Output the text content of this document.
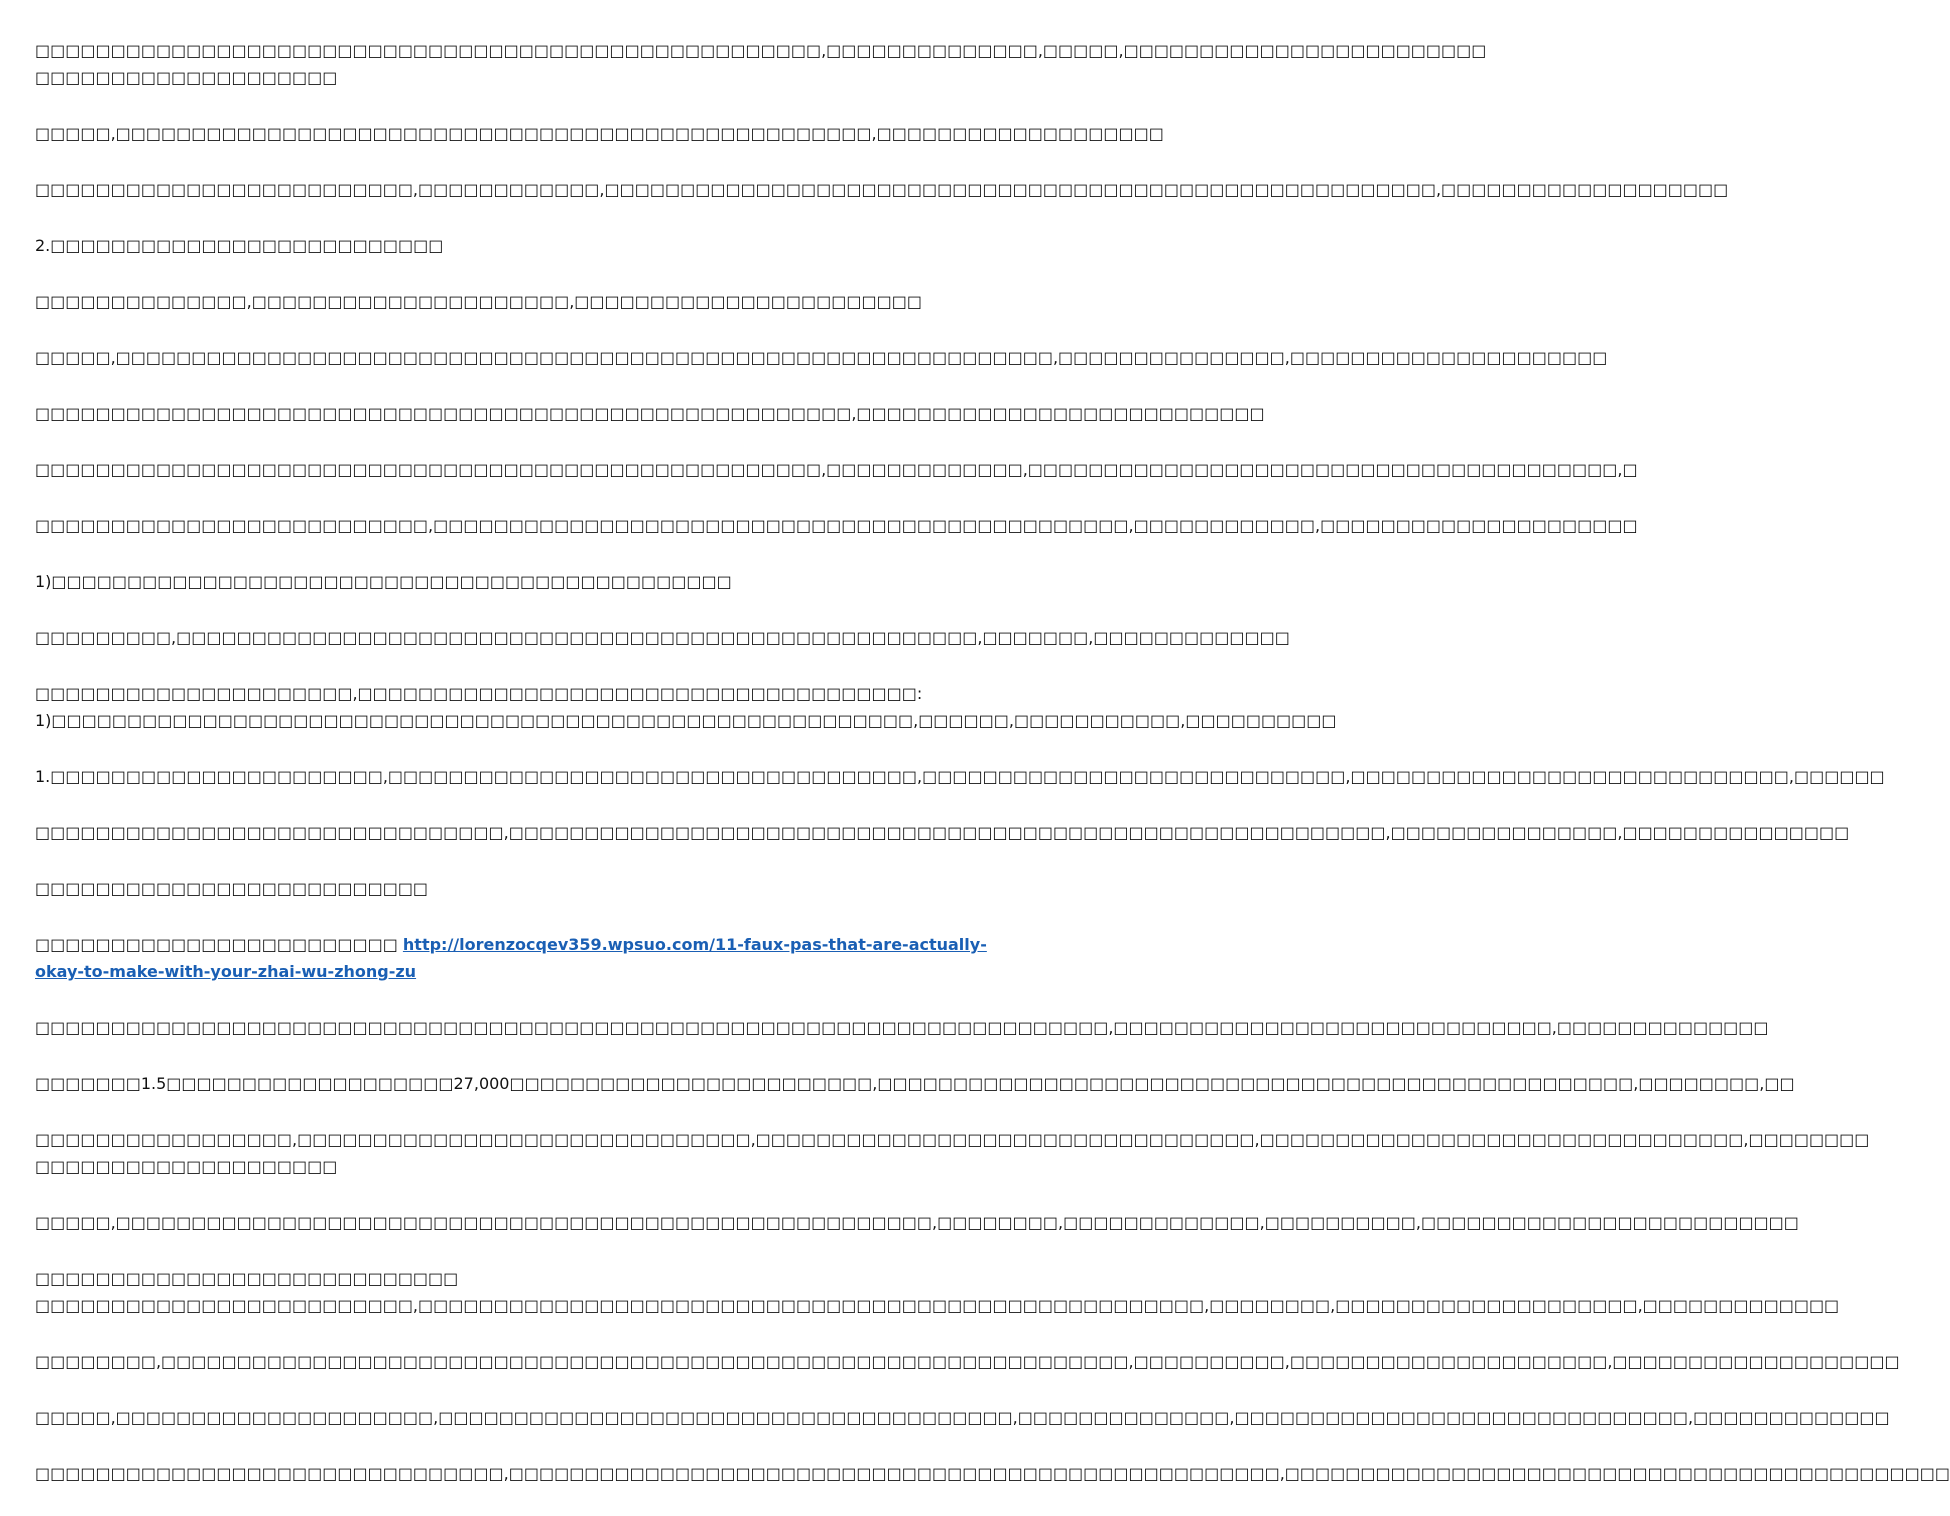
□□□□□□□□□□□□□□□□□□□□□□□□□□□□□□□□□□□□□□□□□□□□□□□□□□□□,□□□□□□□□□□□□□□,□□□□□,□□□□□□□□□□□□□□□□□□□□□□□□
□□□□□□□□□□□□□□□□□□□□

□□□□□,□□□□□□□□□□□□□□□□□□□□□□□□□□□□□□□□□□□□□□□□□□□□□□□□□□,□□□□□□□□□□□□□□□□□□□

□□□□□□□□□□□□□□□□□□□□□□□□□,□□□□□□□□□□□□,□□□□□□□□□□□□□□□□□□□□□□□□□□□□□□□□□□□□□□□□□□□□□□□□□□□□□□□,□□□□□□□□□□□□□□□□□□□

2.□□□□□□□□□□□□□□□□□□□□□□□□□□

□□□□□□□□□□□□□□,□□□□□□□□□□□□□□□□□□□□□,□□□□□□□□□□□□□□□□□□□□□□□

□□□□□,□□□□□□□□□□□□□□□□□□□□□□□□□□□□□□□□□□□□□□□□□□□□□□□□□□□□□□□□□□□□□□,□□□□□□□□□□□□□□□,□□□□□□□□□□□□□□□□□□□□□

□□□□□□□□□□□□□□□□□□□□□□□□□□□□□□□□□□□□□□□□□□□□□□□□□□□□□□,□□□□□□□□□□□□□□□□□□□□□□□□□□□

□□□□□□□□□□□□□□□□□□□□□□□□□□□□□□□□□□□□□□□□□□□□□□□□□□□□,□□□□□□□□□□□□□,□□□□□□□□□□□□□□□□□□□□□□□□□□□□□□□□□□□□□□□,□

□□□□□□□□□□□□□□□□□□□□□□□□□□,□□□□□□□□□□□□□□□□□□□□□□□□□□□□□□□□□□□□□□□□□□□□□□,□□□□□□□□□□□□,□□□□□□□□□□□□□□□□□□□□□

1)□□□□□□□□□□□□□□□□□□□□□□□□□□□□□□□□□□□□□□□□□□□□□

□□□□□□□□□,□□□□□□□□□□□□□□□□□□□□□□□□□□□□□□□□□□□□□□□□□□□□□□□□□□□□□,□□□□□□□,□□□□□□□□□□□□□

□□□□□□□□□□□□□□□□□□□□□,□□□□□□□□□□□□□□□□□□□□□□□□□□□□□□□□□□□□□:
1)□□□□□□□□□□□□□□□□□□□□□□□□□□□□□□□□□□□□□□□□□□□□□□□□□□□□□□□□□,□□□□□□,□□□□□□□□□□□,□□□□□□□□□□

1.□□□□□□□□□□□□□□□□□□□□□□,□□□□□□□□□□□□□□□□□□□□□□□□□□□□□□□□□□□,□□□□□□□□□□□□□□□□□□□□□□□□□□□□,□□□□□□□□□□□□□□□□□□□□□□□□□□□□□,□□□□□□

□□□□□□□□□□□□□□□□□□□□□□□□□□□□□□□,□□□□□□□□□□□□□□□□□□□□□□□□□□□□□□□□□□□□□□□□□□□□□□□□□□□□□□□□□□,□□□□□□□□□□□□□□□,□□□□□□□□□□□□□□□

□□□□□□□□□□□□□□□□□□□□□□□□□□

□□□□□□□□□□□□□□□□□□□□□□□□ http://lorenzocqev359.wpsuo.com/11-faux-pas-that-are-actually-okay-to-make-with-your-zhai-wu-zhong-zu

□□□□□□□□□□□□□□□□□□□□□□□□□□□□□□□□□□□□□□□□□□□□□□□□□□□□□□□□□□□□□□□□□□□□□□□,□□□□□□□□□□□□□□□□□□□□□□□□□□□□□,□□□□□□□□□□□□□□

□□□□□□□1.5□□□□□□□□□□□□□□□□□□□27,000□□□□□□□□□□□□□□□□□□□□□□□□,□□□□□□□□□□□□□□□□□□□□□□□□□□□□□□□□□□□□□□□□□□□□□□□□□□,□□□□□□□□,□□

□□□□□□□□□□□□□□□□□,□□□□□□□□□□□□□□□□□□□□□□□□□□□□□□,□□□□□□□□□□□□□□□□□□□□□□□□□□□□□□□□□,□□□□□□□□□□□□□□□□□□□□□□□□□□□□□□□□,□□□□□□□□
□□□□□□□□□□□□□□□□□□□□

□□□□□,□□□□□□□□□□□□□□□□□□□□□□□□□□□□□□□□□□□□□□□□□□□□□□□□□□□□□□,□□□□□□□□,□□□□□□□□□□□□□,□□□□□□□□□□,□□□□□□□□□□□□□□□□□□□□□□□□□

□□□□□□□□□□□□□□□□□□□□□□□□□□□□
□□□□□□□□□□□□□□□□□□□□□□□□□,□□□□□□□□□□□□□□□□□□□□□□□□□□□□□□□□□□□□□□□□□□□□□□□□□□□□,□□□□□□□□,□□□□□□□□□□□□□□□□□□□□,□□□□□□□□□□□□□

□□□□□□□□,□□□□□□□□□□□□□□□□□□□□□□□□□□□□□□□□□□□□□□□□□□□□□□□□□□□□□□□□□□□□□□□□,□□□□□□□□□□,□□□□□□□□□□□□□□□□□□□□□,□□□□□□□□□□□□□□□□□□□

□□□□□,□□□□□□□□□□□□□□□□□□□□□,□□□□□□□□□□□□□□□□□□□□□□□□□□□□□□□□□□□□□□,□□□□□□□□□□□□□□,□□□□□□□□□□□□□□□□□□□□□□□□□□□□□□,□□□□□□□□□□□□□

□□□□□□□□□□□□□□□□□□□□□□□□□□□□□□□,□□□□□□□□□□□□□□□□□□□□□□□□□□□□□□□□□□□□□□□□□□□□□□□□□□□,□□□□□□□□□□□□□□□□□□□□□□□□□□□□□□□□□□□□□□□□□□□□
